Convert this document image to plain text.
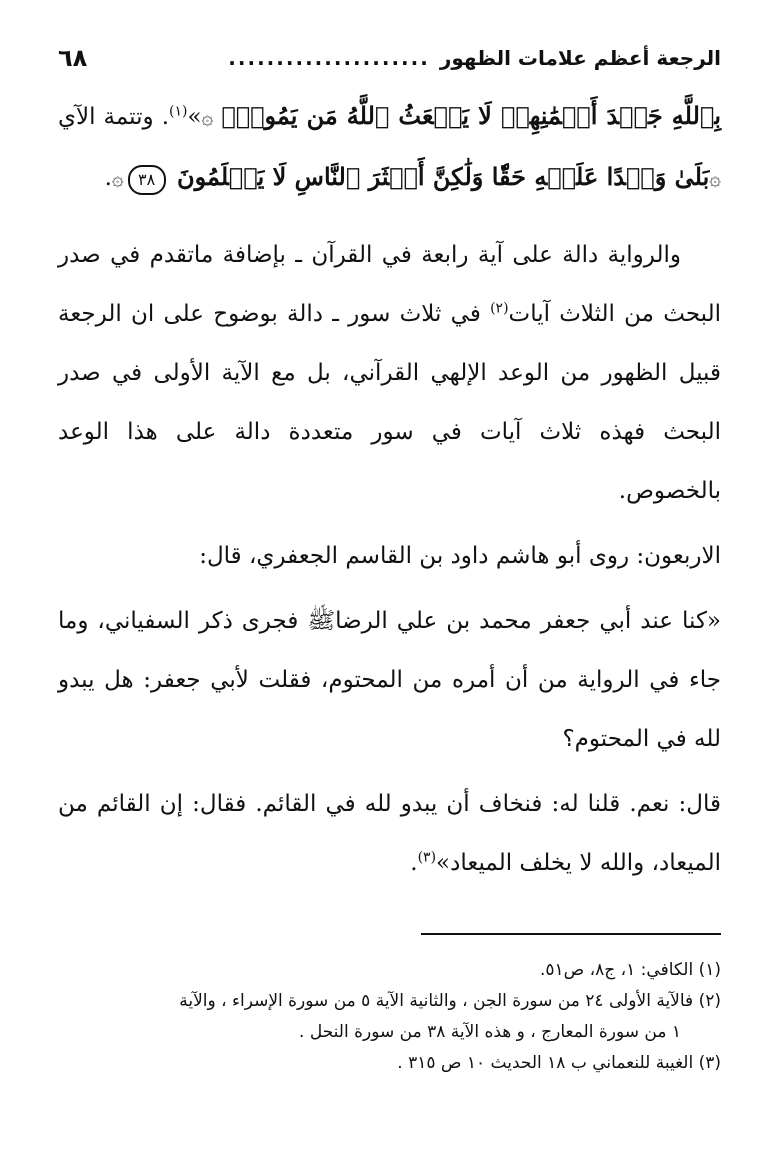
الرجعة أعظم علامات الظهور
.....................
٦٨

بِٱللَّهِ جَهۡدَ أَيۡمَٰنِهِمۡ لَا يَبۡعَثُ ٱللَّهُ مَن يَمُوتُۚ ۞»$^{(١)}$. وتتمة الآي ۞بَلَىٰ وَعۡدًا عَلَيۡهِ حَقّٗا وَلَٰكِنَّ أَكۡثَرَ ٱلنَّاسِ لَا يَعۡلَمُونَ ٣٨۞.

والرواية دالة على آية رابعة في القرآن ـ بإضافة ماتقدم في صدر البحث من الثلاث آيات$^{(٢)}$ في ثلاث سور ـ دالة بوضوح على ان الرجعة قبيل الظهور من الوعد الإلهي القرآني، بل مع الآية الأولى في صدر البحث فهذه ثلاث آيات في سور متعددة دالة على هذا الوعد بالخصوص.

الاربعون: روى أبو هاشم داود بن القاسم الجعفري، قال:

«كنا عند أبي جعفر محمد بن علي الرضاﷺ فجرى ذكر السفياني، وما جاء في الرواية من أن أمره من المحتوم، فقلت لأبي جعفر: هل يبدو لله في المحتوم؟

قال: نعم. قلنا له: فنخاف أن يبدو لله في القائم. فقال: إن القائم من الميعاد، والله لا يخلف الميعاد»$^{(٣)}$.

(١) الكافي: ١، ج٨، ص٥١.

(٢) فالآية الأولى ٢٤ من سورة الجن ، والثانية الآية ٥ من سورة الإسراء ، والآية

١ من سورة المعارج ، و هذه الآية ٣٨ من سورة النحل .

(٣) الغيبة للنعماني ب ١٨ الحديث ١٠ ص ٣١٥ .
